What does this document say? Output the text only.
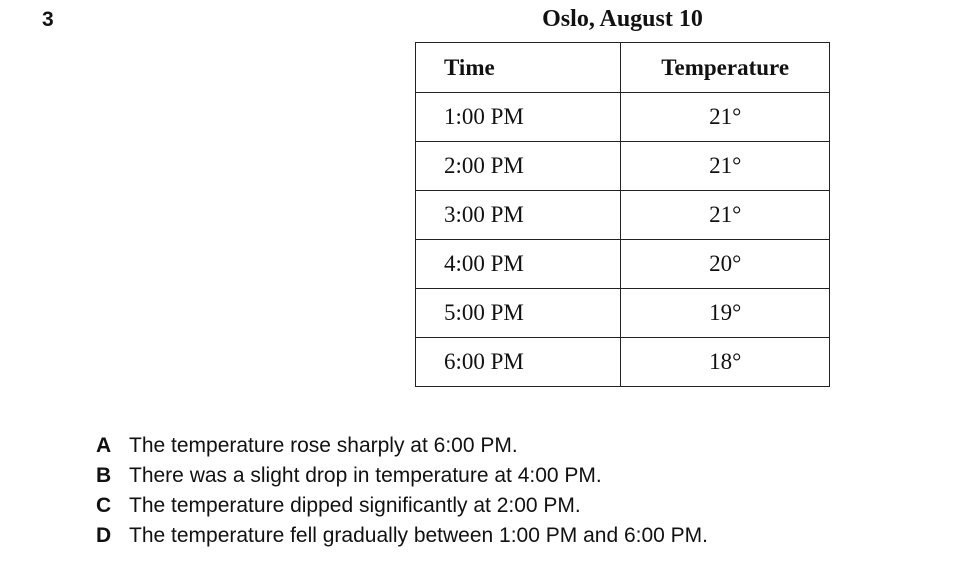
3	Oslo, August 10
Time	Temperature
1:00 PM	21°
2:00 PM	21°
3:00 PM	21°
4:00 PM	20°
5:00 PM	19°
6:00 PM	18°
A The temperature rose sharply at 6:00 PM.
B There was a slight drop in temperature at 4:00 PM.
C The temperature dipped significantly at 2:00 PM.
D The temperature fell gradually between 1:00 PM and 6:00 PM.
